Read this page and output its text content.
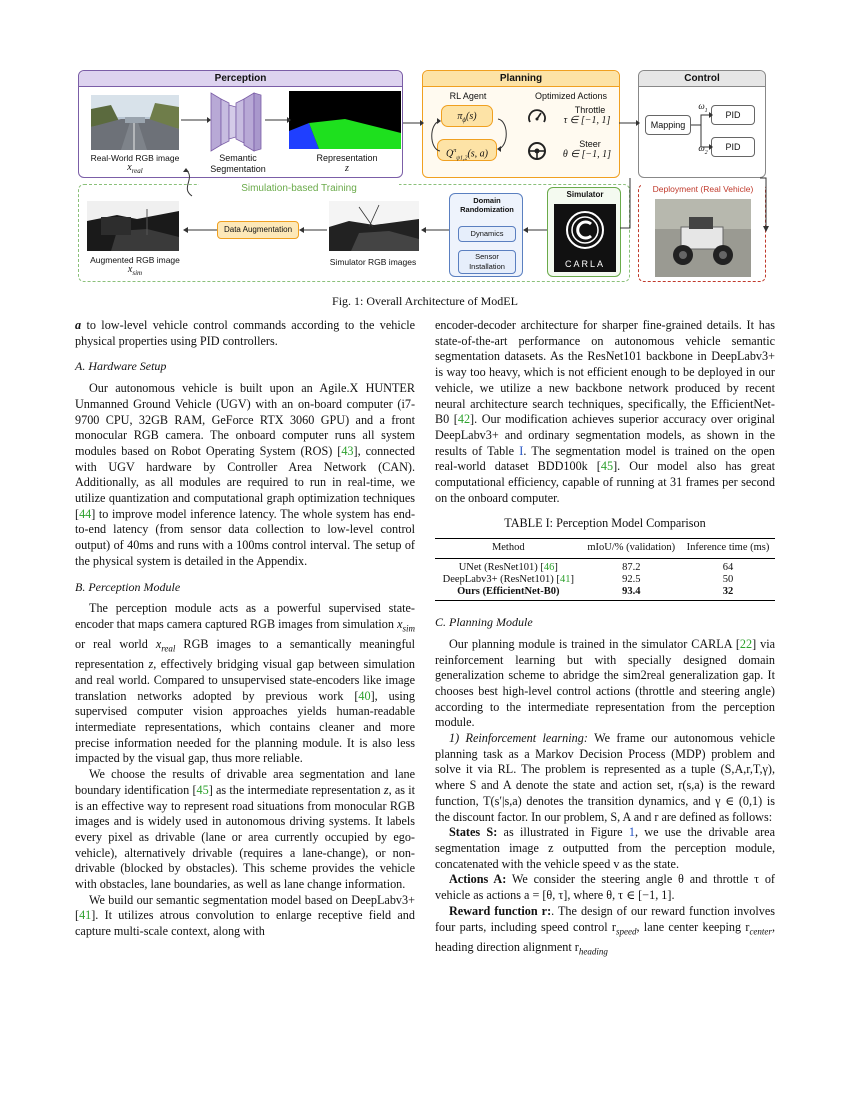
Perception
Real-World RGB image
$x_{real}$
Semantic
Segmentation
Representation
z
Planning
RL Agent	Optimized Actions
$\pi_\phi(s)$
$Q^\pi_{\psi 1,2}(s$, a)
Throttle
τ ∈ [−1, 1]
Steer
θ ∈ [−1, 1]
Control
Mapping
PID
PID
$\omega_1$
$\omega_2$
Simulation-based Training
Augmented RGB image
$x_{sim}$
Data Augmentation
Simulator RGB images
Domain
Randomization
Dynamics
Sensor
Installation
Simulator
CARLA
Deployment (Real Vehicle)
Fig. 1: Overall Architecture of ModEL

a to low-level vehicle control commands according to the vehicle physical properties using PID controllers.

A. Hardware Setup

Our autonomous vehicle is built upon an Agile.X HUNTER Unmanned Ground Vehicle (UGV) with an on-board computer (i7-9700 CPU, 32GB RAM, GeForce RTX 3060 GPU) and a front monocular RGB camera. The onboard computer runs all system modules based on Robot Operating System (ROS) [43], connected with UGV hardware by Controller Area Network (CAN). Additionally, as all modules are required to run in real-time, we utilize quantization and computational graph optimization techniques [44] to improve model inference latency. The whole system has end-to-end latency (from sensor data collection to low-level control output) of 40ms and runs with a 100ms control interval. The setup of the physical system is detailed in the Appendix.

B. Perception Module

The perception module acts as a powerful supervised state-encoder that maps camera captured RGB images from simulation $x_{sim}$ or real world $x_{real}$ RGB images to a semantically meaningful representation z, effectively bridging visual gap between simulation and real world. Compared to unsupervised state-encoders like image translation networks adopted by previous work [40], using supervised computer vision approaches yields human-readable intermediate representations, which contains cleaner and more precise information needed for the planning module. It is also less impacted by the visual gap, thus more reliable.

We choose the results of drivable area segmentation and lane boundary identification [45] as the intermediate representation z, as it is an effective way to represent road situations from monocular RGB images and is widely used in autonomous driving systems. It labels every pixel as drivable (lane or area currently occupied by ego-vehicle), alternatively drivable (requires a lane-change), or non-drivable (blocked by obstacles). This scheme provides the vehicle with obstacles, lane boundaries, as well as lane change information.

We build our semantic segmentation model based on DeepLabv3+ [41]. It utilizes atrous convolution to enlarge receptive field and capture multi-scale context, along with

encoder-decoder architecture for sharper fine-grained details. It has state-of-the-art performance on autonomous vehicle semantic segmentation datasets. As the ResNet101 backbone in DeepLabv3+ is way too heavy, which is not efficient enough to be deployed in our vehicle, we utilize a new backbone network produced by recent neural architecture search techniques, specifically, the EfficientNet-B0 [42]. Our modification achieves superior accuracy over original DeepLabv3+ and ordinary segmentation models, as shown in the results of Table I. The segmentation model is trained on the open real-world dataset BDD100k [45]. Our model also has great computational efficiency, capable of running at 31 frames per second on the onboard computer.

TABLE I: Perception Model Comparison
Method	mIoU/% (validation)	Inference time (ms)
UNet (ResNet101) [46]	87.2	64
DeepLabv3+ (ResNet101) [41]	92.5	50
Ours (EfficientNet-B0)	93.4	32
C. Planning Module

Our planning module is trained in the simulator CARLA [22] via reinforcement learning but with specially designed domain generalization scheme to abridge the sim2real generalization gap. It chooses best high-level control actions (throttle and steering angle) according to the intermediate representation from the perception module.

1) Reinforcement learning: We frame our autonomous vehicle planning task as a Markov Decision Process (MDP) problem and solve it via RL. The problem is represented as a tuple (S,A,r,T,γ), where S and A denote the state and action set, r(s,a) is the reward function, T(s′|s,a) denotes the transition dynamics, and γ ∈ (0,1) is the discount factor. In our problem, S, A and r are defined as follows:

States S: as illustrated in Figure 1, we use the drivable area segmentation image z outputted from the perception module, concatenated with the vehicle speed v as the state.

Actions A: We consider the steering angle θ and throttle τ of vehicle as actions a = [θ, τ], where θ, τ ∈ [−1, 1].

Reward function r:. The design of our reward function involves four parts, including speed control $r_{speed}$, lane center keeping $r_{center}$, heading direction alignment $r_{heading}$
